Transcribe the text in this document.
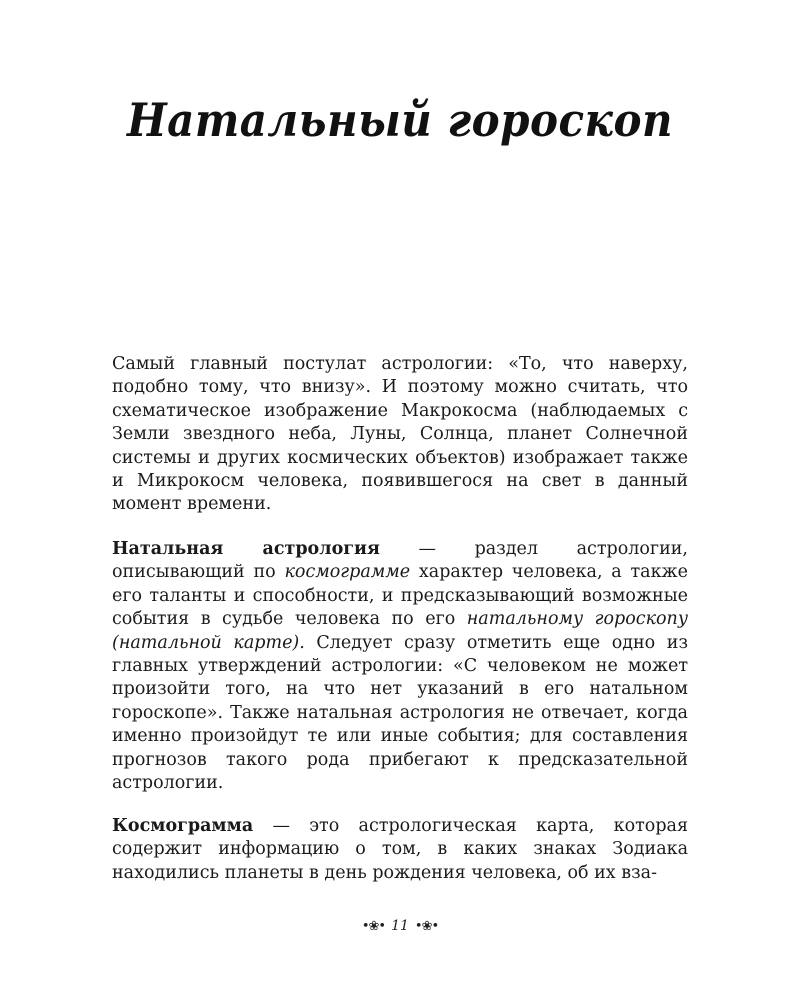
Натальный гороскоп

Самый главный постулат астрологии: «То, что наверху, подобно тому, что внизу». И поэтому можно считать, что схематическое изображение Макрокосма (наблюдаемых с Земли звездного неба, Луны, Солнца, планет Солнечной системы и других космических объектов) изображает также и Микрокосм человека, появившегося на свет в данный момент времени.

Натальная астрология — раздел астрологии, описывающий по космограмме характер человека, а также его таланты и способности, и предсказывающий возможные события в судьбе человека по его натальному гороскопу (натальной карте). Следует сразу отметить еще одно из главных утверждений астрологии: «С человеком не может произойти того, на что нет указаний в его натальном гороскопе». Также натальная астрология не отвечает, когда именно произойдут те или иные события; для составления прогнозов такого рода прибегают к предсказательной астрологии.

Космограмма — это астрологическая карта, которая содержит информацию о том, в каких знаках Зодиака находились планеты в день рождения человека, об их вза-

•❀• 11 •❀•
